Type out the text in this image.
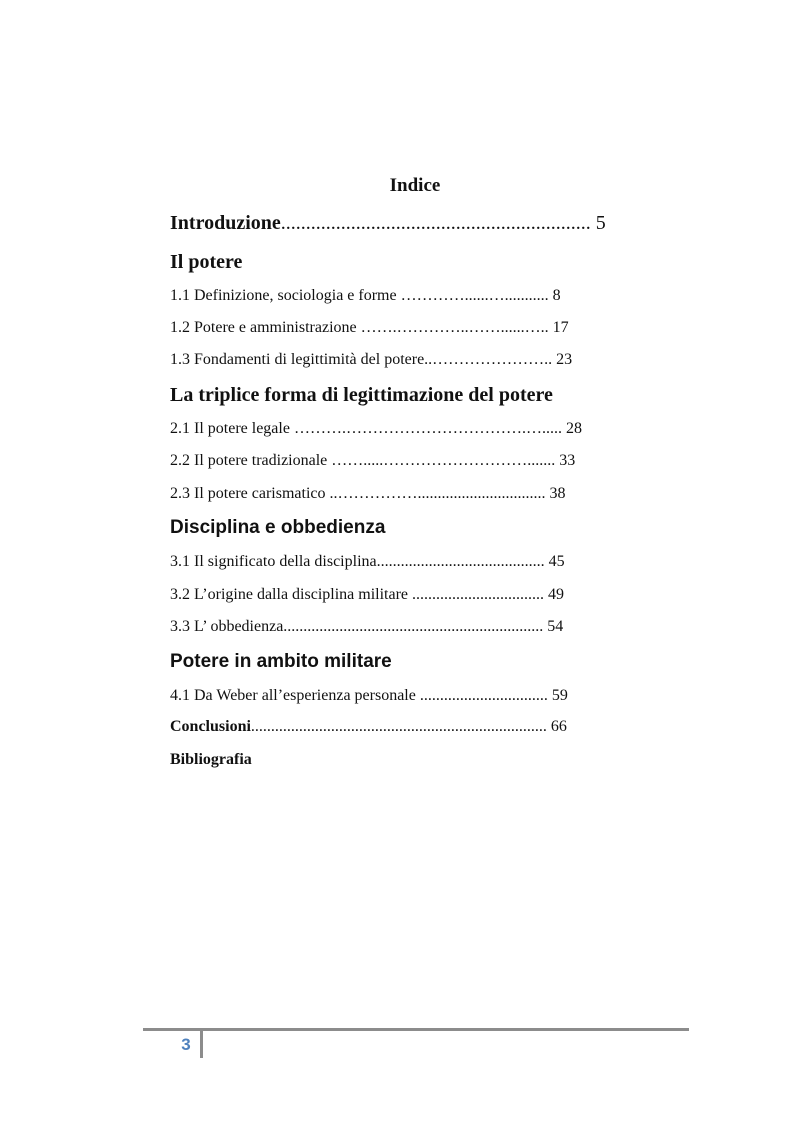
Indice

Introduzione.............................................................. 5

Il potere

1.1 Definizione, sociologia e forme …………......…........... 8

1.2 Potere e amministrazione …….…………..……......….. 17

1.3 Fondamenti di legittimità del potere..………………….. 23

La triplice forma di legittimazione del potere

2.1 Il potere legale ……….…………………………….…..... 28

2.2 Il potere tradizionale …….....………………………....... 33

2.3 Il potere carismatico ..……………................................ 38

Disciplina e obbedienza

3.1 Il significato della disciplina.......................................... 45

3.2 L’origine dalla disciplina militare ................................. 49

3.3 L’ obbedienza................................................................. 54

Potere in ambito militare

4.1 Da Weber all’esperienza personale ................................ 59

Conclusioni.......................................................................... 66

Bibliografia

3
